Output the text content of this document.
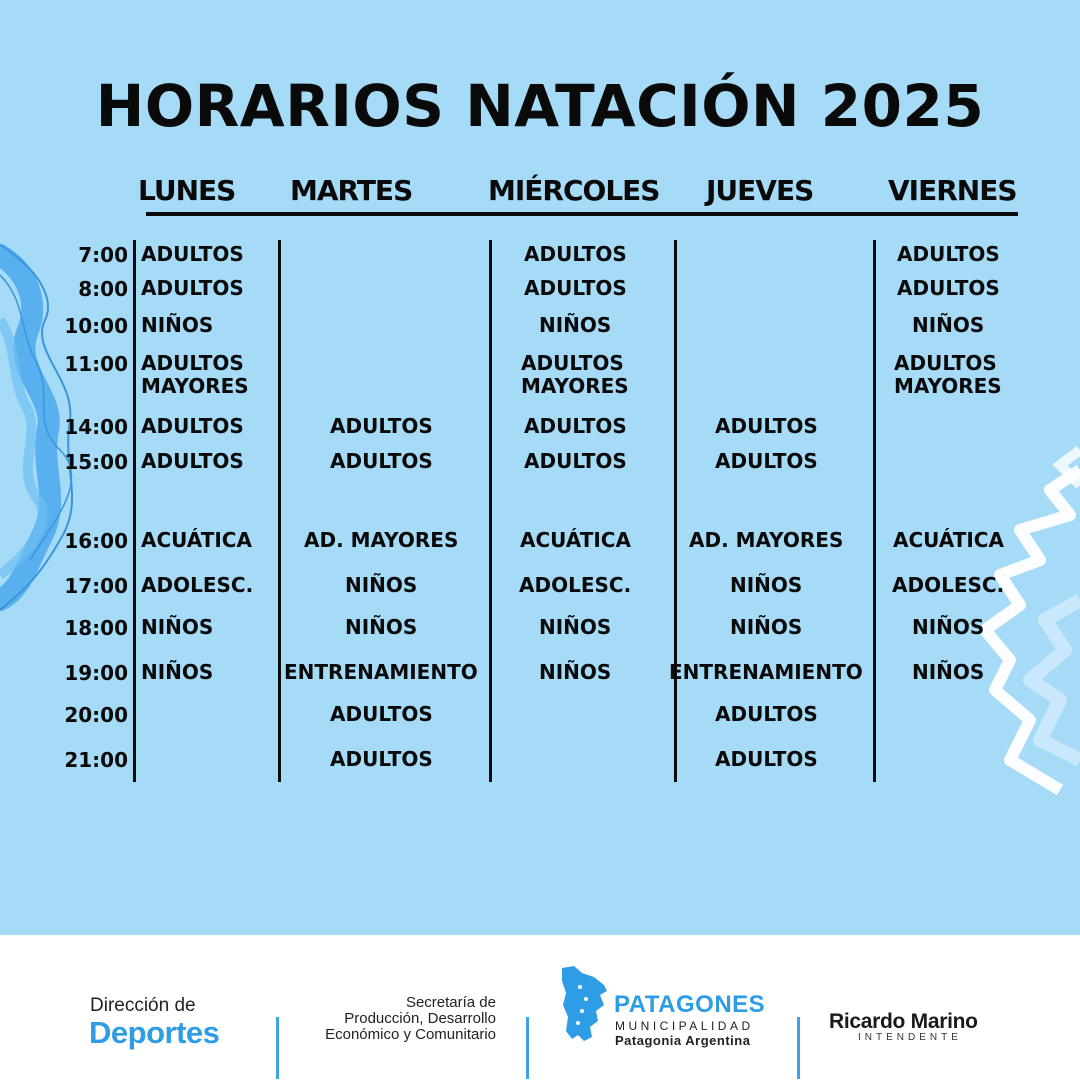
HORARIOS NATACIÓN 2025
LUNES MARTES	MIÉRCOLES JUEVES	VIERNES
7:00
8:00
10:00
11:00
14:00
15:00
16:00
17:00
18:00
19:00
20:00
21:00
ADULTOS
ADULTOS
NIÑOS
ADULTOS
MAYORES
ADULTOS
ADULTOS
ACUÁTICA
ADOLESC.
NIÑOS
NIÑOS
ADULTOS
ADULTOS
AD. MAYORES
NIÑOS
NIÑOS
ENTRENAMIENTO
ADULTOS
ADULTOS
ADULTOS
ADULTOS
NIÑOS
ADULTOS
MAYORES
ADULTOS
ADULTOS
ACUÁTICA
ADOLESC.
NIÑOS
NIÑOS
ADULTOS
ADULTOS
AD. MAYORES
NIÑOS
NIÑOS
ENTRENAMIENTO
ADULTOS
ADULTOS
ADULTOS
ADULTOS
NIÑOS
ADULTOS
MAYORES
ACUÁTICA
ADOLESC.
NIÑOS
NIÑOS
Dirección de
Deportes
Secretaría de
Producción, Desarrollo
Económico y Comunitario
PATAGONES
MUNICIPALIDAD
Patagonia Argentina
Ricardo Marino
INTENDENTE
